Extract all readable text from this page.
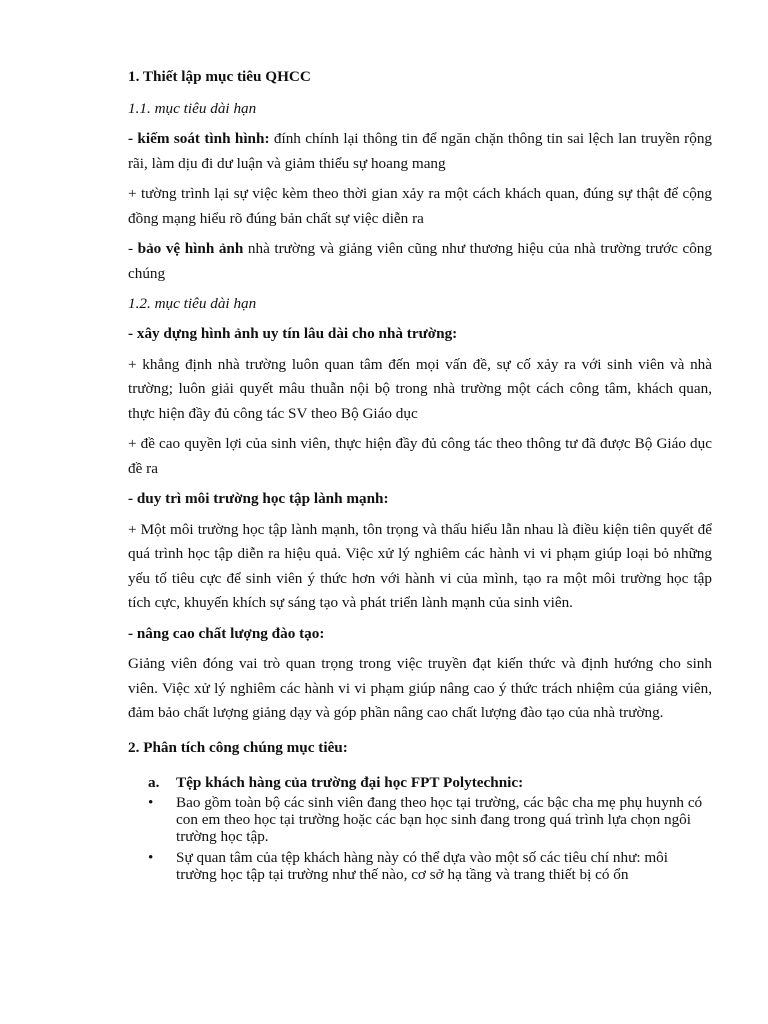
1. Thiết lập mục tiêu QHCC
1.1. mục tiêu dài hạn

- kiếm soát tình hình: đính chính lại thông tin để ngăn chặn thông tin sai lệch lan truyền rộng rãi, làm dịu đi dư luận và giảm thiểu sự hoang mang

+ tường trình lại sự việc kèm theo thời gian xảy ra một cách khách quan, đúng sự thật để cộng đồng mạng hiểu rõ đúng bản chất sự việc diễn ra

- bảo vệ hình ảnh nhà trường và giảng viên cũng như thương hiệu của nhà trường trước công chúng

1.2. mục tiêu dài hạn

- xây dựng hình ảnh uy tín lâu dài cho nhà trường:

+ khẳng định nhà trường luôn quan tâm đến mọi vấn đề, sự cố xảy ra với sinh viên và nhà trường; luôn giải quyết mâu thuẫn nội bộ trong nhà trường một cách công tâm, khách quan, thực hiện đầy đủ công tác SV theo Bộ Giáo dục

+ đề cao quyền lợi của sinh viên, thực hiện đầy đủ công tác theo thông tư đã được Bộ Giáo dục đề ra

- duy trì môi trường học tập lành mạnh:

+ Một môi trường học tập lành mạnh, tôn trọng và thấu hiểu lẫn nhau là điều kiện tiên quyết để quá trình học tập diễn ra hiệu quả. Việc xử lý nghiêm các hành vi vi phạm giúp loại bỏ những yếu tố tiêu cực để sinh viên ý thức hơn với hành vi của mình, tạo ra một môi trường học tập tích cực, khuyến khích sự sáng tạo và phát triển lành mạnh của sinh viên.

- nâng cao chất lượng đào tạo:

Giảng viên đóng vai trò quan trọng trong việc truyền đạt kiến thức và định hướng cho sinh viên. Việc xử lý nghiêm các hành vi vi phạm giúp nâng cao ý thức trách nhiệm của giảng viên, đảm bảo chất lượng giảng dạy và góp phần nâng cao chất lượng đào tạo của nhà trường.

2. Phân tích công chúng mục tiêu:
a.	Tệp khách hàng của trường đại học FPT Polytechnic:
•	Bao gồm toàn bộ các sinh viên đang theo học tại trường, các bậc cha mẹ phụ huynh có con em theo học tại trường hoặc các bạn học sinh đang trong quá trình lựa chọn ngôi trường học tập.
•	Sự quan tâm của tệp khách hàng này có thể dựa vào một số các tiêu chí như: môi trường học tập tại trường như thế nào, cơ sở hạ tầng và trang thiết bị có ổn
